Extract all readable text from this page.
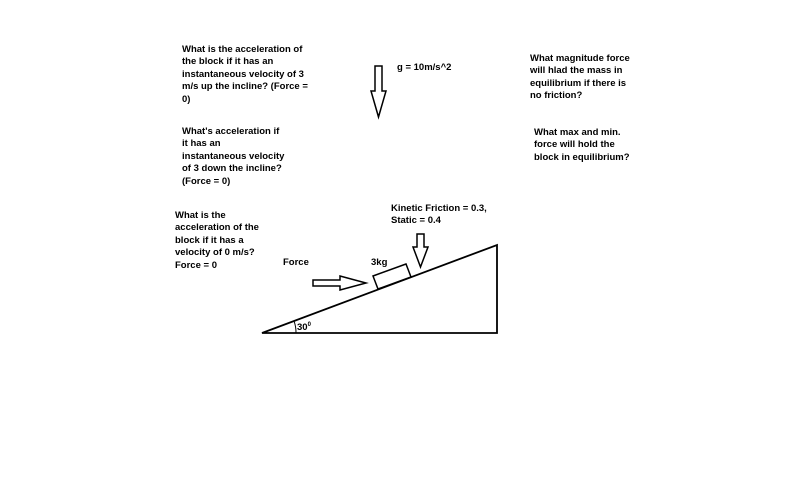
What is the acceleration of
the block if it has an
instantaneous velocity of 3
m/s up the incline? (Force =
0)
What's acceleration if
it has an
instantaneous velocity
of 3 down the incline?
(Force = 0)
What is the
acceleration of the
block if it has a
velocity of 0 m/s?
Force = 0
What magnitude force
will hlad the mass in
equilibrium if there is
no friction?
What max and min.
force will hold the
block in equilibrium?
g = 10m/s^2
Kinetic Friction = 0.3,
Static = 0.4
Force	3kg
$30^0$
